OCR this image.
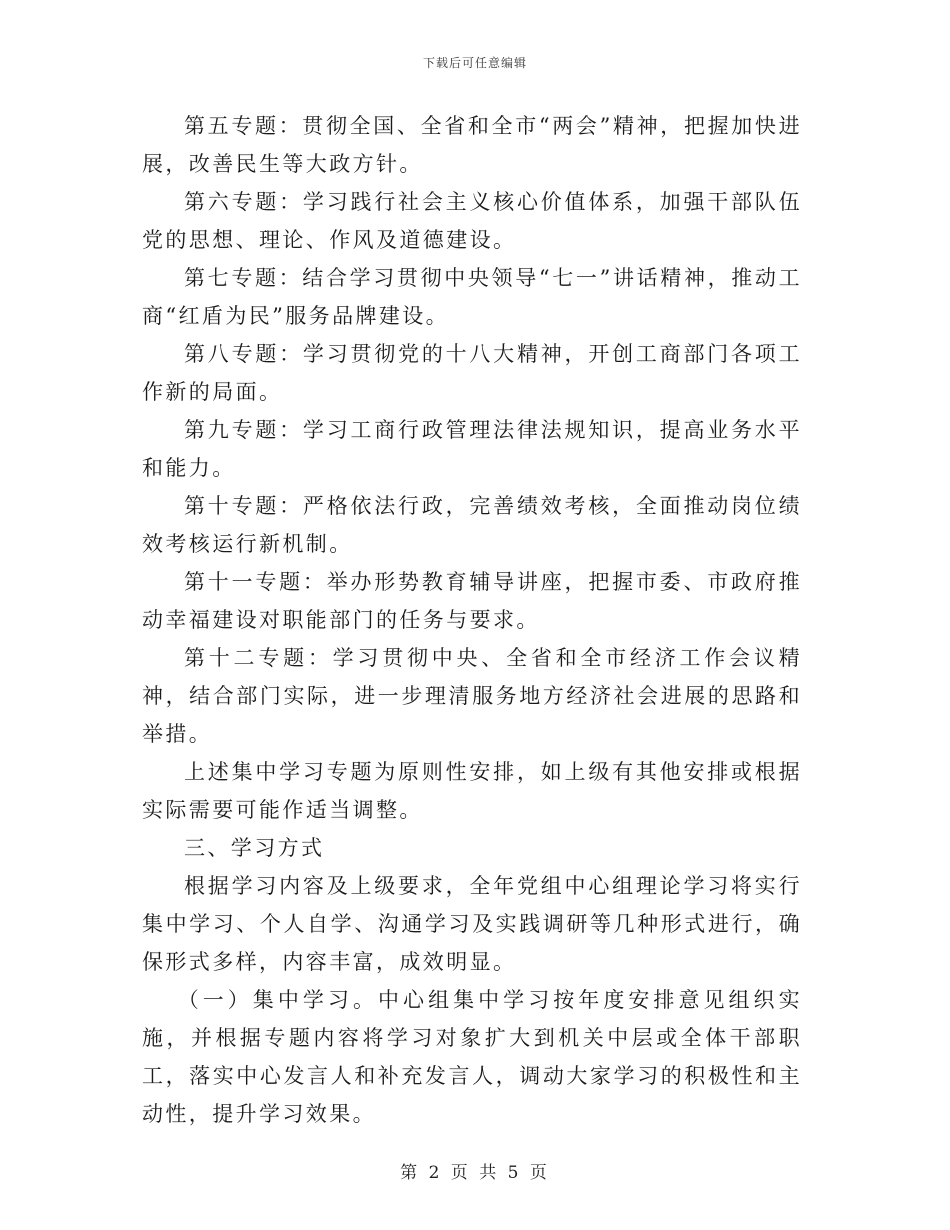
下载后可任意编辑

第五专题：贯彻全国、全省和全市“两会”精神，把握加快进展，改善民生等大政方针。

第六专题：学习践行社会主义核心价值体系，加强干部队伍党的思想、理论、作风及道德建设。

第七专题：结合学习贯彻中央领导“七一”讲话精神，推动工商“红盾为民”服务品牌建设。

第八专题：学习贯彻党的十八大精神，开创工商部门各项工作新的局面。

第九专题：学习工商行政管理法律法规知识，提高业务水平和能力。

第十专题：严格依法行政，完善绩效考核，全面推动岗位绩效考核运行新机制。

第十一专题：举办形势教育辅导讲座，把握市委、市政府推动幸福建设对职能部门的任务与要求。

第十二专题：学习贯彻中央、全省和全市经济工作会议精神，结合部门实际，进一步理清服务地方经济社会进展的思路和举措。

上述集中学习专题为原则性安排，如上级有其他安排或根据实际需要可能作适当调整。

三、学习方式

根据学习内容及上级要求，全年党组中心组理论学习将实行集中学习、个人自学、沟通学习及实践调研等几种形式进行，确保形式多样，内容丰富，成效明显。

（一）集中学习。中心组集中学习按年度安排意见组织实施，并根据专题内容将学习对象扩大到机关中层或全体干部职工，落实中心发言人和补充发言人，调动大家学习的积极性和主动性，提升学习效果。

第 2 页 共 5 页
